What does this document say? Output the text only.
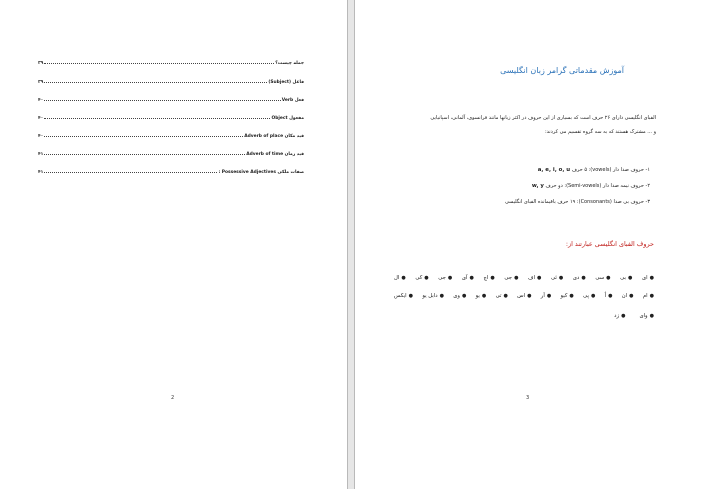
جمله چیست؟
۳۹
فاعل (Subject)
۳۹
فعل Verb
۴۰
مفعول Object
۴۰
قید مکان Adverb of place
۴۰
قید زمان Adverb of time
۴۱
صفات ملکی Possessive Adjectives :
۴۱
2
آموزش مقدماتی گرامر زبان انگلیسی
الفبای انگلیسی دارای ۲۶ حرف است که بسیاری از این حروف در اکثر زبانها مانند فرانسوی، آلمانی، اسپانیایی
و ... مشترک هستند که به سه گروه تقسیم می کردند:
۱- حروف صدا دار (vowels): ۵ حرف a, e, i, o, u
۲- حروف نیمه صدا دار (Semi-vowels): دو حرف w, y
۳- حروف بی صدا (Consonants): ۱۹ حرف باقیمانده الفبای انگلیسی
حروف الفبای انگلیسی عبارتند از:
● ای
● بی
● سی
● دی
● ئی
● اف
● جی
● اچ
● آی
● جی
● کی
● ال
● ام
● ان
● اُ
● پی
● کیو
● آر
● اس
● تی
● یو
● وی
● دابل یو
● ایکس
● وای
● زد
3
